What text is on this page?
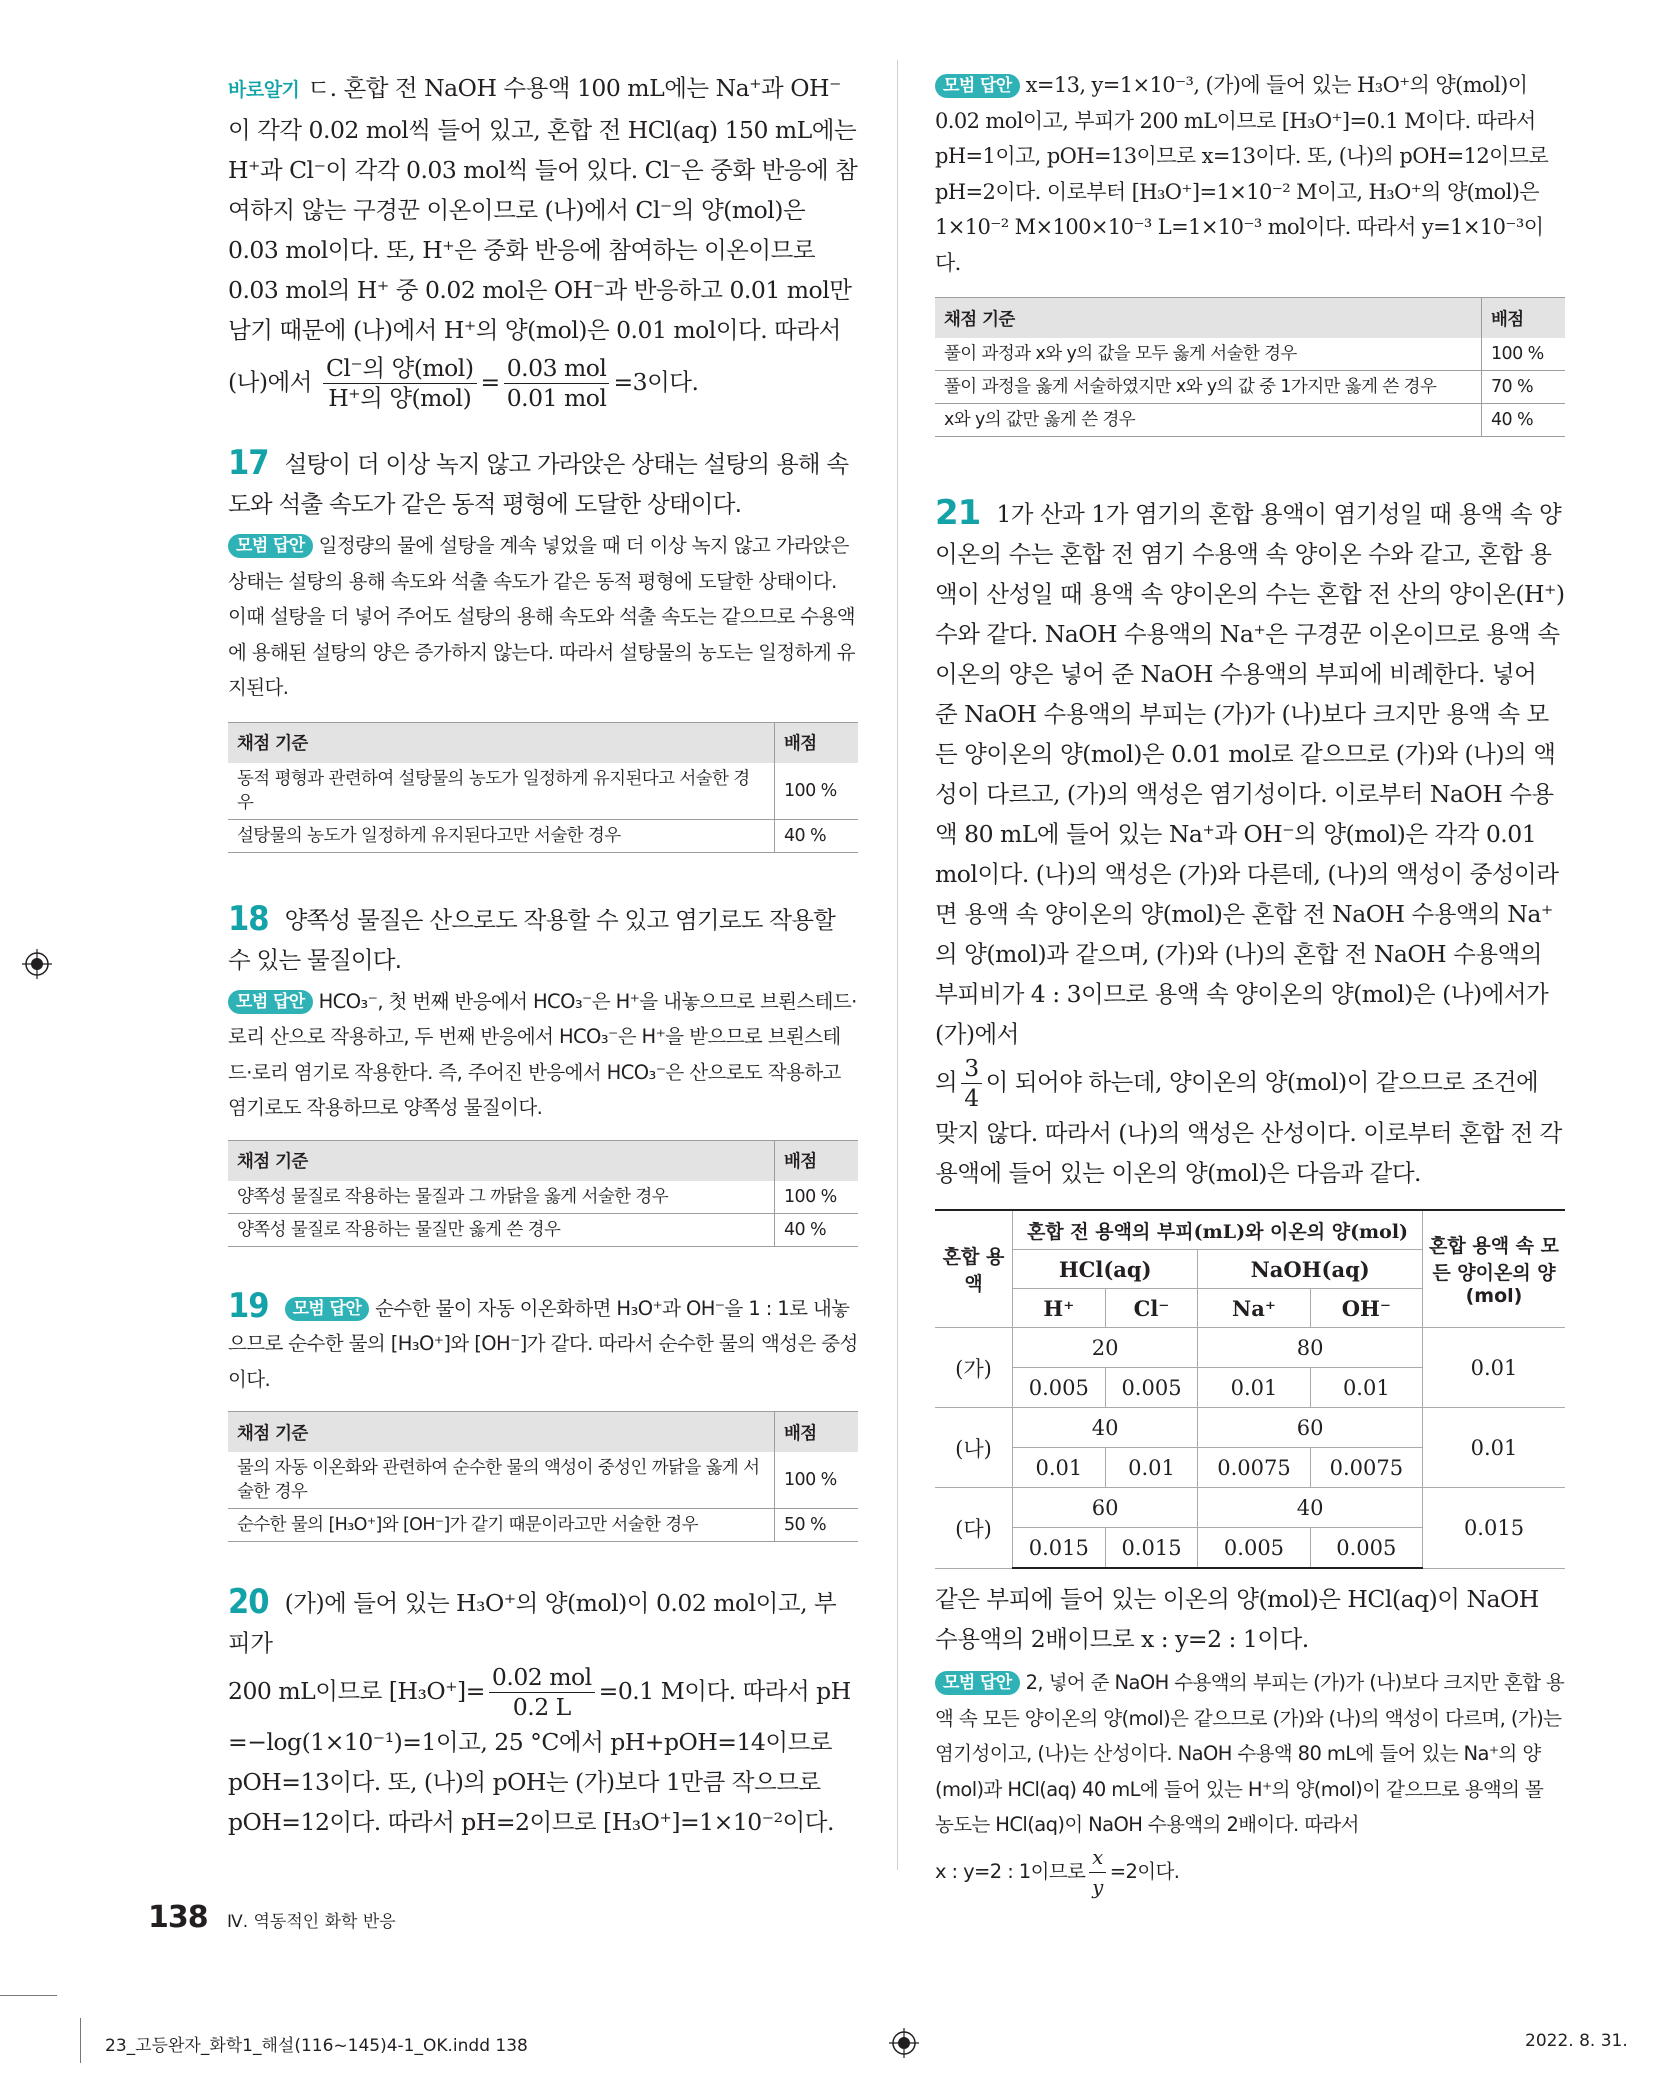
바로알기 ㄷ. 혼합 전 NaOH 수용액 100 mL에는 Na⁺과 OH⁻이 각각 0.02 mol씩 들어 있고, 혼합 전 HCl(aq) 150 mL에는 H⁺과 Cl⁻이 각각 0.03 mol씩 들어 있다. Cl⁻은 중화 반응에 참여하지 않는 구경꾼 이온이므로 (나)에서 Cl⁻의 양(mol)은 0.03 mol이다. 또, H⁺은 중화 반응에 참여하는 이온이므로 0.03 mol의 H⁺ 중 0.02 mol은 OH⁻과 반응하고 0.01 mol만 남기 때문에 (나)에서 H⁺의 양(mol)은 0.01 mol이다. 따라서

(나)에서 $\frac{\text{Cl⁻의 양(mol)}}{\text{H⁺의 양(mol)}} = \frac{\text{0.03 mol}}{\text{0.01 mol}} =3$이다.

17 설탕이 더 이상 녹지 않고 가라앉은 상태는 설탕의 용해 속도와 석출 속도가 같은 동적 평형에 도달한 상태이다.

모범 답안 일정량의 물에 설탕을 계속 넣었을 때 더 이상 녹지 않고 가라앉은 상태는 설탕의 용해 속도와 석출 속도가 같은 동적 평형에 도달한 상태이다. 이때 설탕을 더 넣어 주어도 설탕의 용해 속도와 석출 속도는 같으므로 수용액에 용해된 설탕의 양은 증가하지 않는다. 따라서 설탕물의 농도는 일정하게 유지된다.

채점 기준	배점
동적 평형과 관련하여 설탕물의 농도가 일정하게 유지된다고 서술한 경우	100 %
설탕물의 농도가 일정하게 유지된다고만 서술한 경우	40 %

18 양쪽성 물질은 산으로도 작용할 수 있고 염기로도 작용할 수 있는 물질이다.

모범 답안 HCO₃⁻, 첫 번째 반응에서 HCO₃⁻은 H⁺을 내놓으므로 브뢴스테드·로리 산으로 작용하고, 두 번째 반응에서 HCO₃⁻은 H⁺을 받으므로 브뢴스테드·로리 염기로 작용한다. 즉, 주어진 반응에서 HCO₃⁻은 산으로도 작용하고 염기로도 작용하므로 양쪽성 물질이다.

채점 기준	배점
양쪽성 물질로 작용하는 물질과 그 까닭을 옳게 서술한 경우	100 %
양쪽성 물질로 작용하는 물질만 옳게 쓴 경우	40 %

19 모범 답안 순수한 물이 자동 이온화하면 H₃O⁺과 OH⁻을 1 : 1로 내놓으므로 순수한 물의 [H₃O⁺]와 [OH⁻]가 같다. 따라서 순수한 물의 액성은 중성이다.

채점 기준	배점
물의 자동 이온화와 관련하여 순수한 물의 액성이 중성인 까닭을 옳게 서술한 경우	100 %
순수한 물의 [H₃O⁺]와 [OH⁻]가 같기 때문이라고만 서술한 경우	50 %

20 (가)에 들어 있는 H₃O⁺의 양(mol)이 0.02 mol이고, 부피가

200 mL이므로 $[H_3O^+]= \frac{\text{0.02 mol}}{0.2 L} =0.1$ M이다. 따라서 pH

=−log(1×10⁻¹)=1이고, 25 °C에서 pH+pOH=14이므로 pOH=13이다. 또, (나)의 pOH는 (가)보다 1만큼 작으므로 pOH=12이다. 따라서 pH=2이므로 [H₃O⁺]=1×10⁻²이다.

모범 답안 x=13, y=1×10⁻³, (가)에 들어 있는 H₃O⁺의 양(mol)이 0.02 mol이고, 부피가 200 mL이므로 [H₃O⁺]=0.1 M이다. 따라서 pH=1이고, pOH=13이므로 x=13이다. 또, (나)의 pOH=12이므로 pH=2이다. 이로부터 [H₃O⁺]=1×10⁻² M이고, H₃O⁺의 양(mol)은 1×10⁻² M×100×10⁻³ L=1×10⁻³ mol이다. 따라서 y=1×10⁻³이다.

채점 기준	배점
풀이 과정과 x와 y의 값을 모두 옳게 서술한 경우	100 %
풀이 과정을 옳게 서술하였지만 x와 y의 값 중 1가지만 옳게 쓴 경우	70 %
x와 y의 값만 옳게 쓴 경우	40 %

21 1가 산과 1가 염기의 혼합 용액이 염기성일 때 용액 속 양이온의 수는 혼합 전 염기 수용액 속 양이온 수와 같고, 혼합 용액이 산성일 때 용액 속 양이온의 수는 혼합 전 산의 양이온(H⁺) 수와 같다. NaOH 수용액의 Na⁺은 구경꾼 이온이므로 용액 속 이온의 양은 넣어 준 NaOH 수용액의 부피에 비례한다. 넣어 준 NaOH 수용액의 부피는 (가)가 (나)보다 크지만 용액 속 모든 양이온의 양(mol)은 0.01 mol로 같으므로 (가)와 (나)의 액성이 다르고, (가)의 액성은 염기성이다. 이로부터 NaOH 수용액 80 mL에 들어 있는 Na⁺과 OH⁻의 양(mol)은 각각 0.01 mol이다. (나)의 액성은 (가)와 다른데, (나)의 액성이 중성이라면 용액 속 양이온의 양(mol)은 혼합 전 NaOH 수용액의 Na⁺의 양(mol)과 같으며, (가)와 (나)의 혼합 전 NaOH 수용액의 부피비가 4 : 3이므로 용액 속 양이온의 양(mol)은 (나)에서가 (가)에서

의 $\frac{3}{4}$ 이 되어야 하는데, 양이온의 양(mol)이 같으므로 조건에

맞지 않다. 따라서 (나)의 액성은 산성이다. 이로부터 혼합 전 각 용액에 들어 있는 이온의 양(mol)은 다음과 같다.

혼합 용액	혼합 전 용액의 부피(mL)와 이온의 양(mol)				혼합 용액 속 모든 양이온의 양(mol)
	HCl(aq)		NaOH(aq)		
	H⁺	Cl⁻	Na⁺	OH⁻	
(가)	20		80		0.01
	0.005	0.005	0.01	0.01	
(나)	40		60		0.01
	0.01	0.01	0.0075	0.0075	
(다)	60		40		0.015
	0.015	0.015	0.005	0.005	

같은 부피에 들어 있는 이온의 양(mol)은 HCl(aq)이 NaOH 수용액의 2배이므로 x : y=2 : 1이다.

모범 답안 2, 넣어 준 NaOH 수용액의 부피는 (가)가 (나)보다 크지만 혼합 용액 속 모든 양이온의 양(mol)은 같으므로 (가)와 (나)의 액성이 다르며, (가)는 염기성이고, (나)는 산성이다. NaOH 수용액 80 mL에 들어 있는 Na⁺의 양(mol)과 HCl(aq) 40 mL에 들어 있는 H⁺의 양(mol)이 같으므로 용액의 몰 농도는 HCl(aq)이 NaOH 수용액의 2배이다. 따라서

x : y=2 : 1이므로 $\frac{x}{y} =2$이다.

138 Ⅳ. 역동적인 화학 반응
23_고등완자_화학1_해설(116~145)4-1_OK.indd 138	2022. 8. 31.
